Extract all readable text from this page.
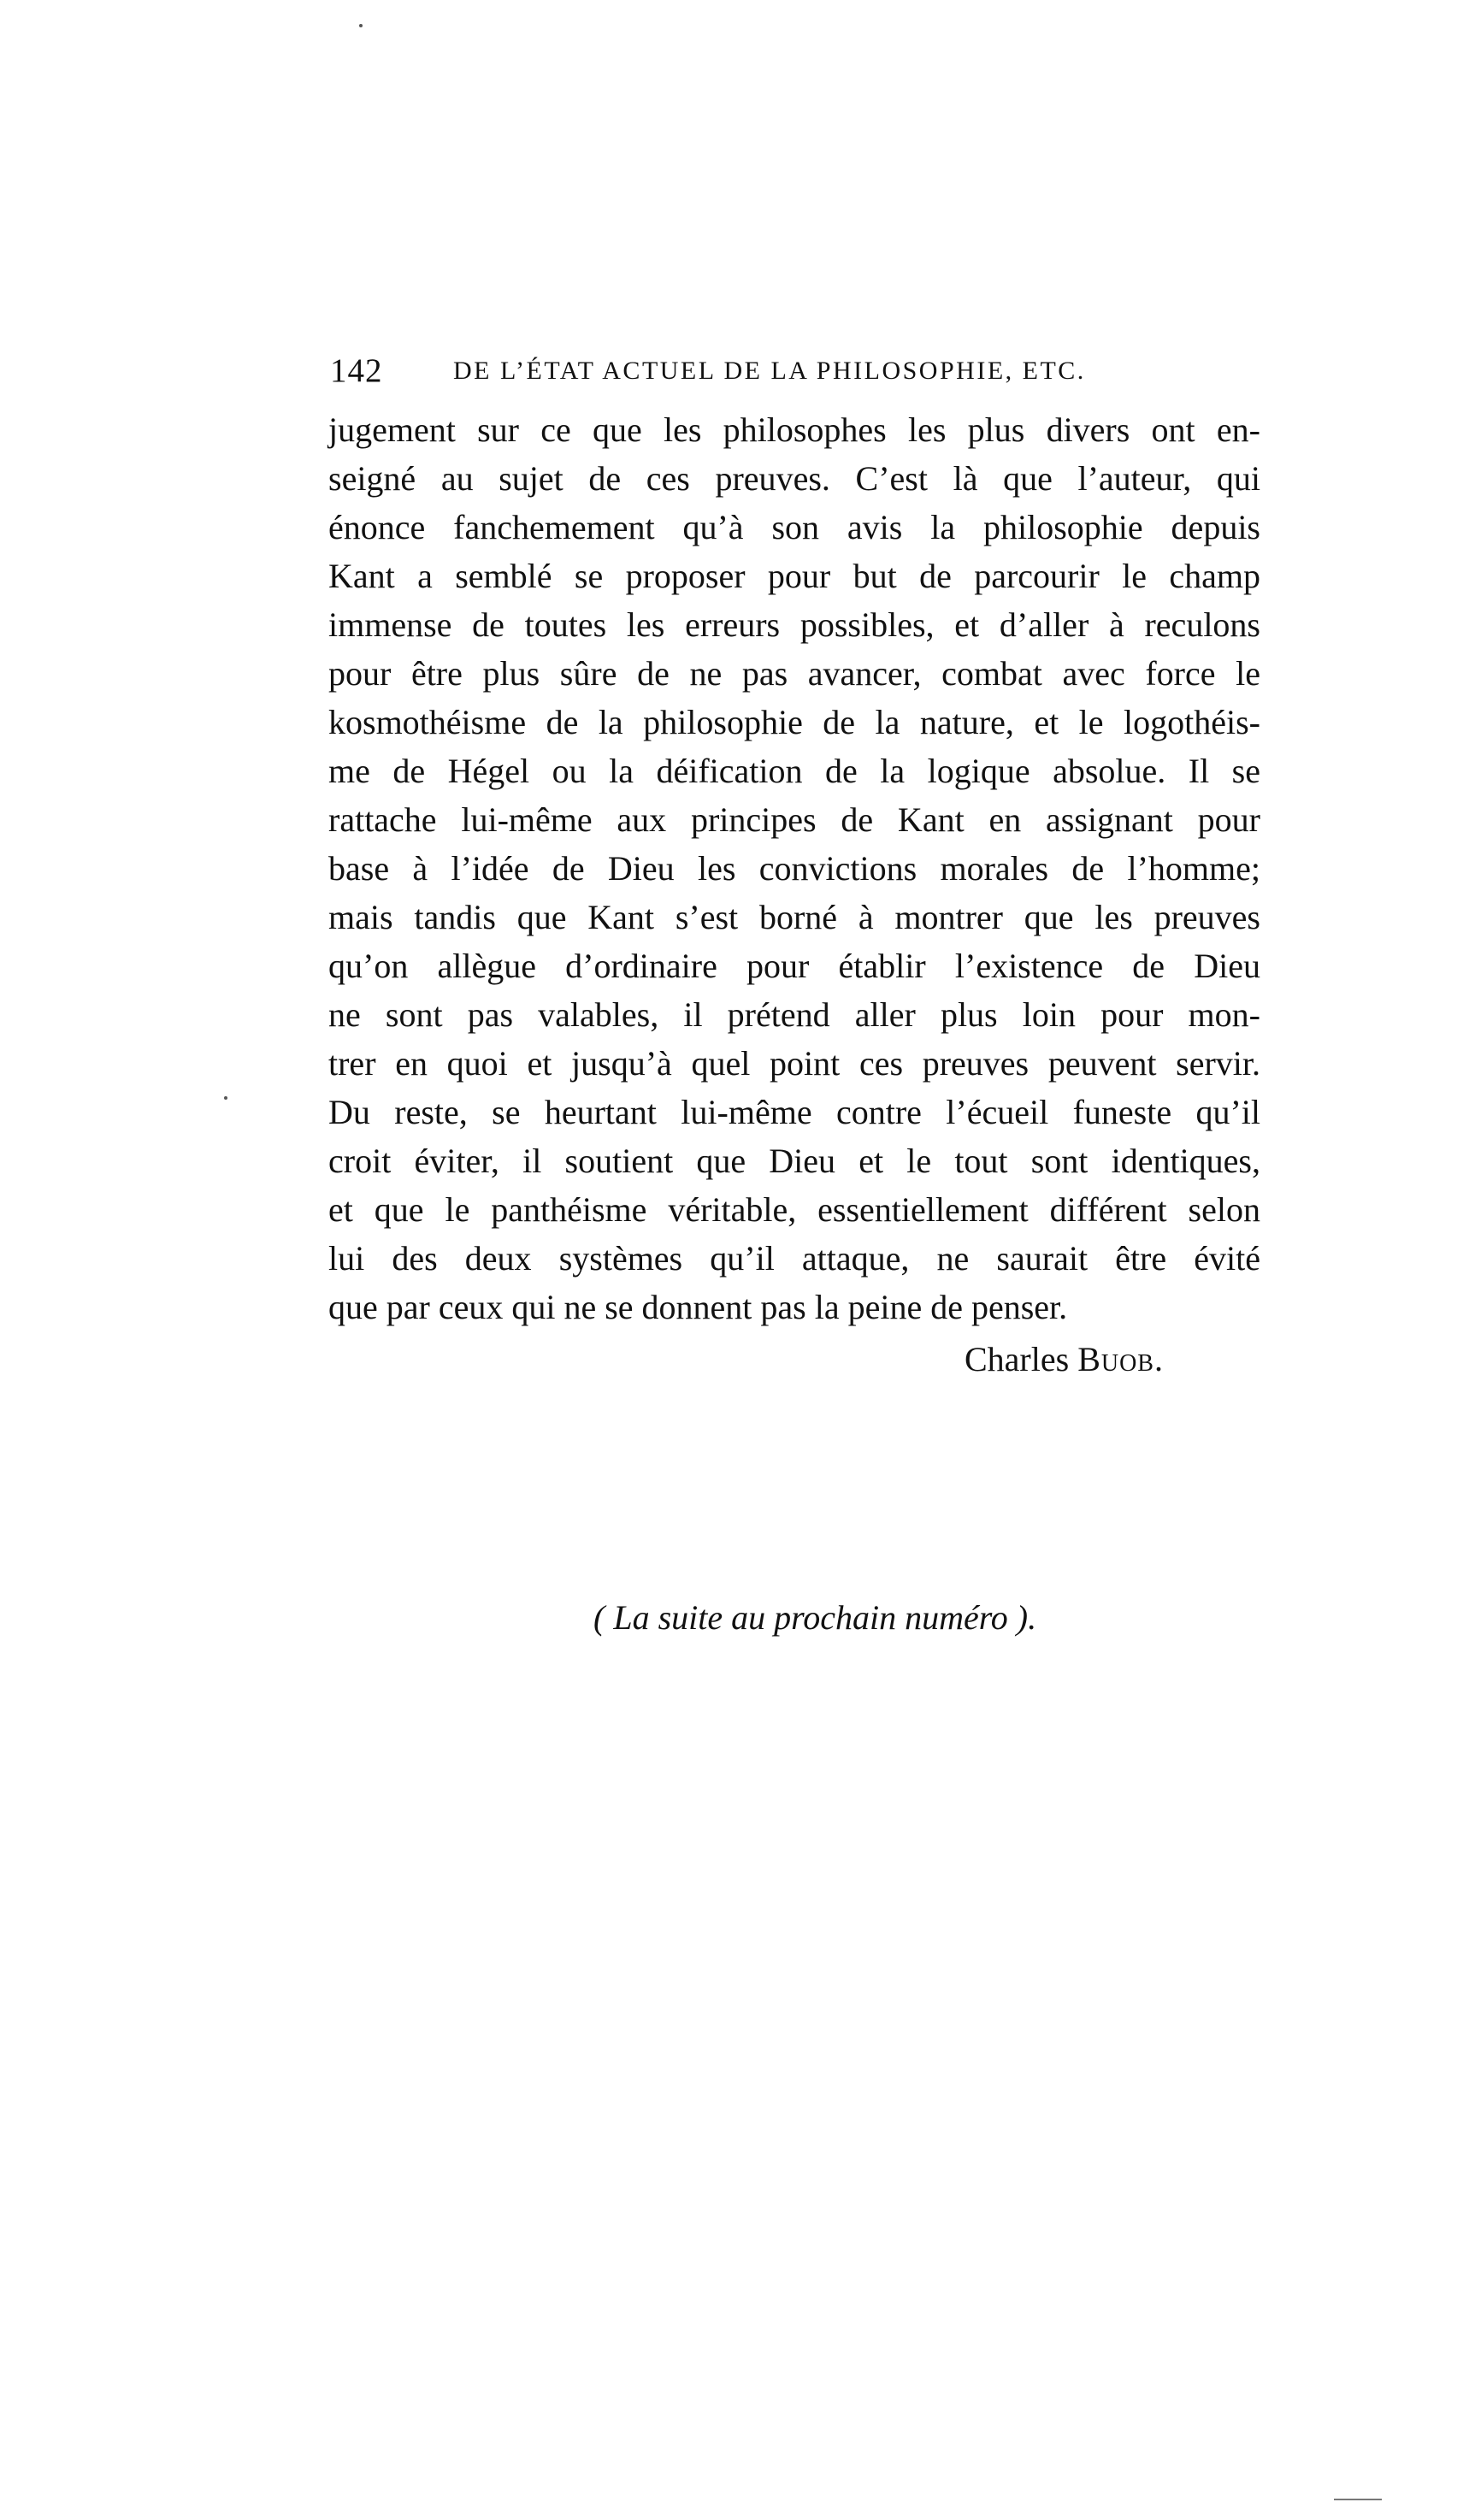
142	DE L’ÉTAT ACTUEL DE LA PHILOSOPHIE, ETC.
jugement sur ce que les philosophes les plus divers ont en-
seigné au sujet de ces preuves. C’est là que l’auteur, qui
énonce fanchemement qu’à son avis la philosophie depuis
Kant a semblé se proposer pour but de parcourir le champ
immense de toutes les erreurs possibles, et d’aller à reculons
pour être plus sûre de ne pas avancer, combat avec force le
kosmothéisme de la philosophie de la nature, et le logothéis-
me de Hégel ou la déification de la logique absolue. Il se
rattache lui-même aux principes de Kant en assignant pour
base à l’idée de Dieu les convictions morales de l’homme;
mais tandis que Kant s’est borné à montrer que les preuves
qu’on allègue d’ordinaire pour établir l’existence de Dieu
ne sont pas valables, il prétend aller plus loin pour mon-
trer en quoi et jusqu’à quel point ces preuves peuvent servir.
Du reste, se heurtant lui-même contre l’écueil funeste qu’il
croit éviter, il soutient que Dieu et le tout sont identiques,
et que le panthéisme véritable, essentiellement différent selon
lui des deux systèmes qu’il attaque, ne saurait être évité
que par ceux qui ne se donnent pas la peine de penser.
Charles Buob.
( La suite au prochain numéro ).
